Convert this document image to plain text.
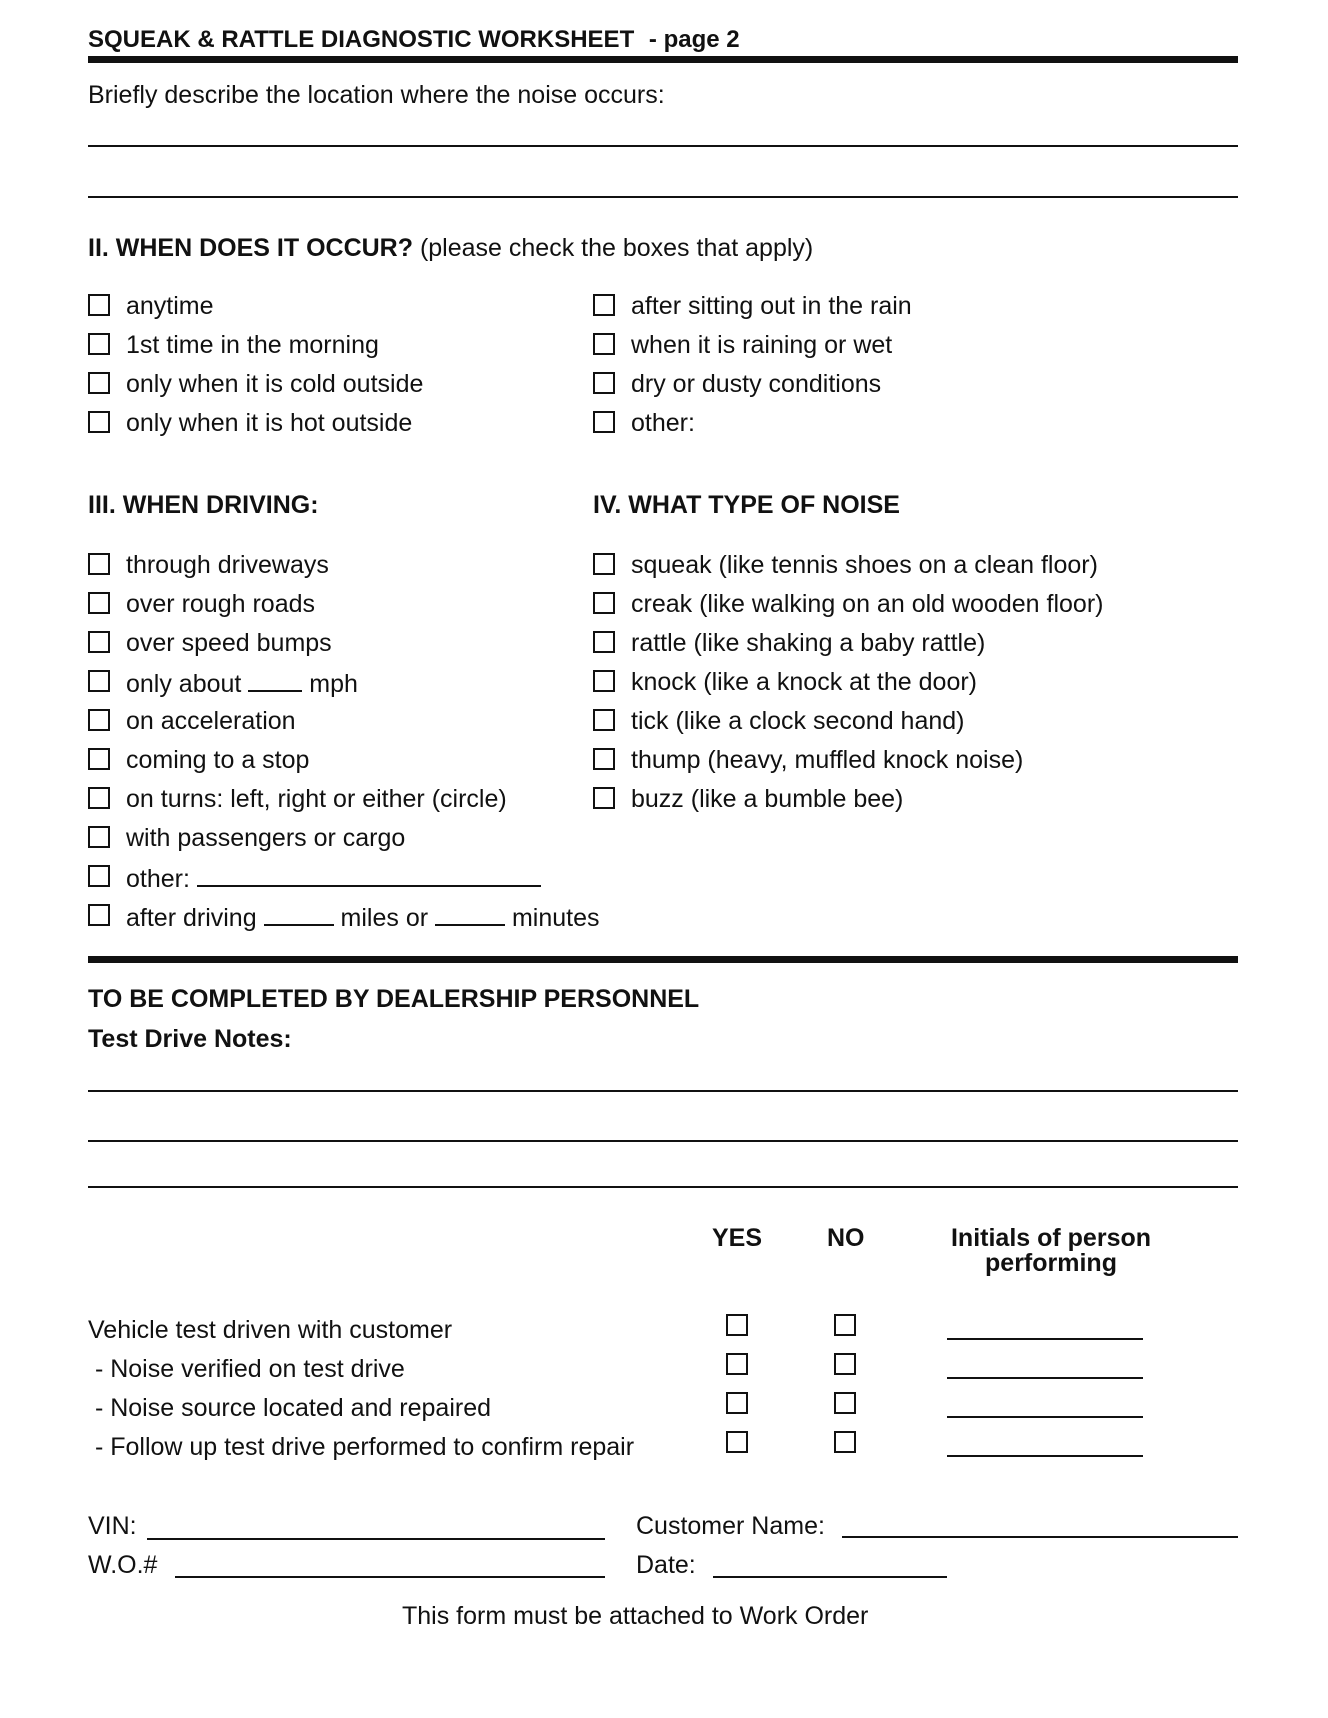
SQUEAK & RATTLE DIAGNOSTIC WORKSHEET - page 2
Briefly describe the location where the noise occurs:
II. WHEN DOES IT OCCUR? (please check the boxes that apply)
anytime
1st time in the morning
only when it is cold outside
only when it is hot outside
after sitting out in the rain
when it is raining or wet
dry or dusty conditions
other:
III. WHEN DRIVING:	IV. WHAT TYPE OF NOISE
through driveways
over rough roads
over speed bumps
only about	mph
on acceleration
coming to a stop
on turns: left, right or either (circle)
with passengers or cargo
other:
after driving	miles or	minutes
squeak (like tennis shoes on a clean floor)
creak (like walking on an old wooden floor)
rattle (like shaking a baby rattle)
knock (like a knock at the door)
tick (like a clock second hand)
thump (heavy, muffled knock noise)
buzz (like a bumble bee)
TO BE COMPLETED BY DEALERSHIP PERSONNEL
Test Drive Notes:
YES	NO	Initials of person
performing
Vehicle test driven with customer
- Noise verified on test drive
- Noise source located and repaired
- Follow up test drive performed to confirm repair
VIN:
W.O.#
Customer Name:
Date:
This form must be attached to Work Order
